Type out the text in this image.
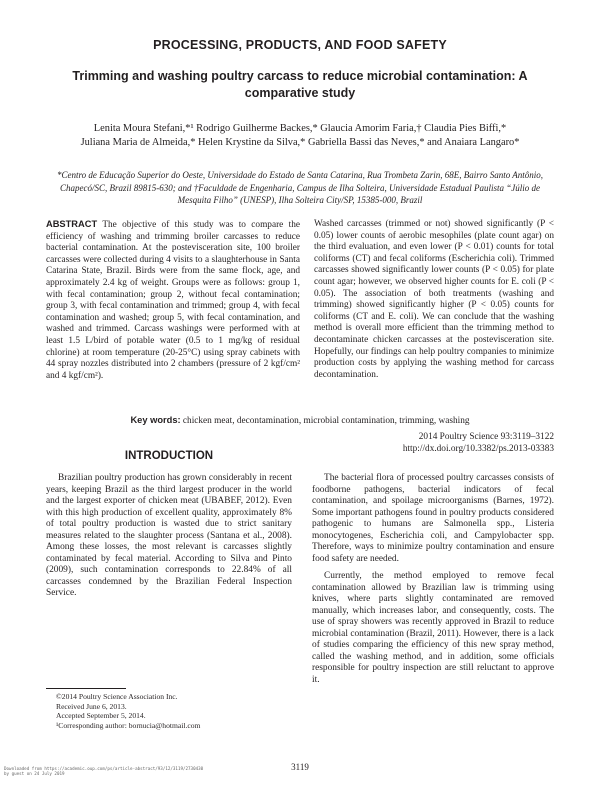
PROCESSING, PRODUCTS, AND FOOD SAFETY
Trimming and washing poultry carcass to reduce microbial contamination: A comparative study
Lenita Moura Stefani,*¹ Rodrigo Guilherme Backes,* Glaucia Amorim Faria,† Claudia Pies Biffi,* Juliana Maria de Almeida,* Helen Krystine da Silva,* Gabriella Bassi das Neves,* and Anaiara Langaro*
*Centro de Educação Superior do Oeste, Universidade do Estado de Santa Catarina, Rua Trombeta Zarin, 68E, Bairro Santo Antônio, Chapecó/SC, Brazil 89815-630; and †Faculdade de Engenharia, Campus de Ilha Solteira, Universidade Estadual Paulista “Júlio de Mesquita Filho” (UNESP), Ilha Solteira City/SP, 15385-000, Brazil
ABSTRACT The objective of this study was to compare the efficiency of washing and trimming broiler carcasses to reduce bacterial contamination. At the postevisceration site, 100 broiler carcasses were collected during 4 visits to a slaughterhouse in Santa Catarina State, Brazil. Birds were from the same flock, age, and approximately 2.4 kg of weight. Groups were as follows: group 1, with fecal contamination; group 2, without fecal contamination; group 3, with fecal contamination and trimmed; group 4, with fecal contamination and washed; group 5, with fecal contamination, and washed and trimmed. Carcass washings were performed with at least 1.5 L/bird of potable water (0.5 to 1 mg/kg of residual chlorine) at room temperature (20-25°C) using spray cabinets with 44 spray nozzles distributed into 2 chambers (pressure of 2 kgf/cm² and 4 kgf/cm²).
Washed carcasses (trimmed or not) showed significantly (P < 0.05) lower counts of aerobic mesophiles (plate count agar) on the third evaluation, and even lower (P < 0.01) counts for total coliforms (CT) and fecal coliforms (Escherichia coli). Trimmed carcasses showed significantly lower counts (P < 0.05) for plate count agar; however, we observed higher counts for E. coli (P < 0.05). The association of both treatments (washing and trimming) showed significantly higher (P < 0.05) counts for coliforms (CT and E. coli). We can conclude that the washing method is overall more efficient than the trimming method to decontaminate chicken carcasses at the postevisceration site. Hopefully, our findings can help poultry companies to minimize production costs by applying the washing method for carcass decontamination.
Key words: chicken meat, decontamination, microbial contamination, trimming, washing
2014 Poultry Science 93:3119–3122
http://dx.doi.org/10.3382/ps.2013-03383
INTRODUCTION

Brazilian poultry production has grown considerably in recent years, keeping Brazil as the third largest producer in the world and the largest exporter of chicken meat (UBABEF, 2012). Even with this high production of excellent quality, approximately 8% of total poultry production is wasted due to strict sanitary measures related to the slaughter process (Santana et al., 2008). Among these losses, the most relevant is carcasses slightly contaminated by fecal material. According to Silva and Pinto (2009), such contamination corresponds to 22.84% of all carcasses condemned by the Brazilian Federal Inspection Service.

The bacterial flora of processed poultry carcasses consists of foodborne pathogens, bacterial indicators of fecal contamination, and spoilage microorganisms (Barnes, 1972). Some important pathogens found in poultry products considered pathogenic to humans are Salmonella spp., Listeria monocytogenes, Escherichia coli, and Campylobacter spp. Therefore, ways to minimize poultry contamination and ensure food safety are needed.

Currently, the method employed to remove fecal contamination allowed by Brazilian law is trimming using knives, where parts slightly contaminated are removed manually, which increases labor, and consequently, costs. The use of spray showers was recently approved in Brazil to reduce microbial contamination (Brazil, 2011). However, there is a lack of studies comparing the efficiency of this new spray method, called the washing method, and in addition, some officials responsible for poultry inspection are still reluctant to approve it.

©2014 Poultry Science Association Inc.
Received June 6, 2013.
Accepted September 5, 2014.
¹Corresponding author: bornucia@hotmail.com
3119
Downloaded from https://academic.oup.com/ps/article-abstract/93/12/3119/2730430 by guest on 24 July 2019
